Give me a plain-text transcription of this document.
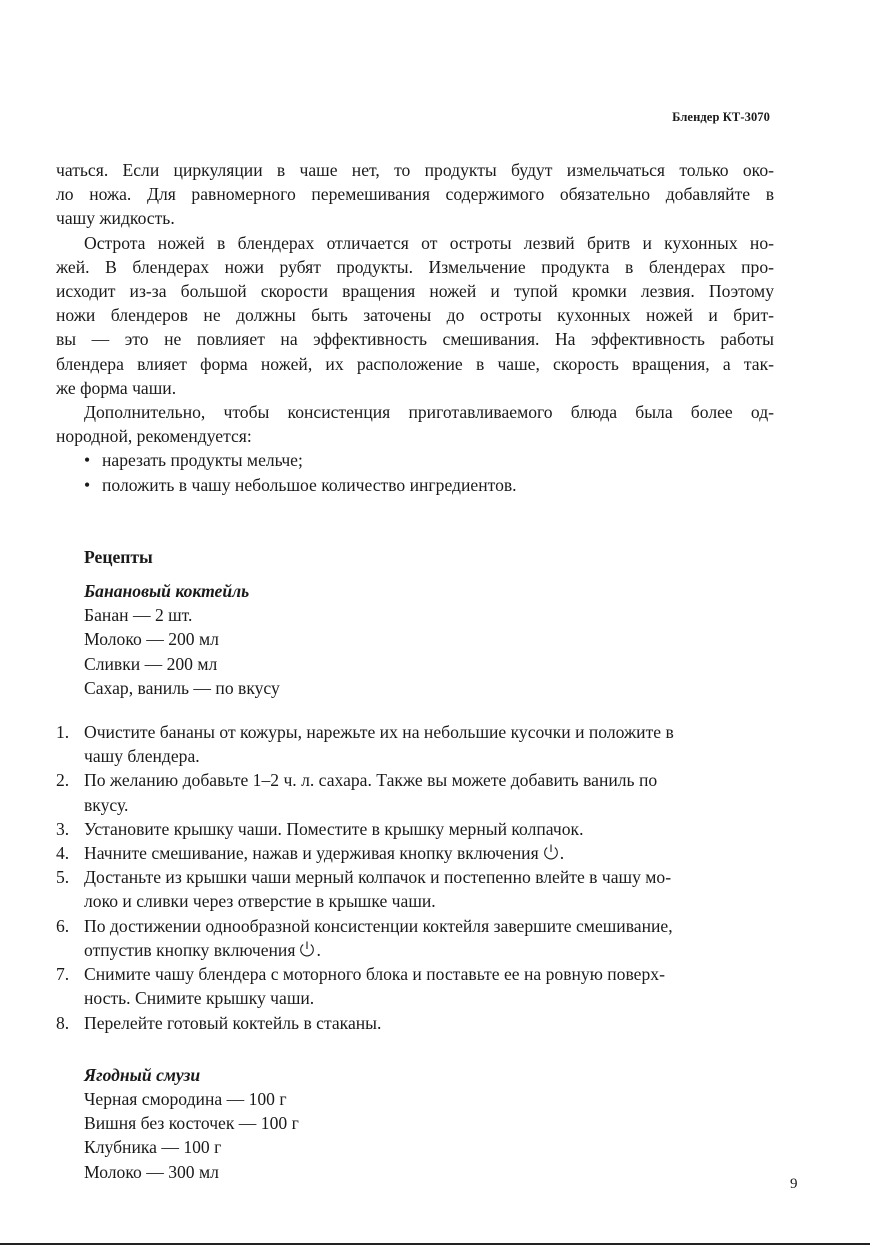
Блендер КТ-3070
чаться. Если циркуляции в чаше нет, то продукты будут измельчаться только око-
ло ножа. Для равномерного перемешивания содержимого обязательно добавляйте в
чашу жидкость.
Острота ножей в блендерах отличается от остроты лезвий бритв и кухонных но-
жей. В блендерах ножи рубят продукты. Измельчение продукта в блендерах про-
исходит из-за большой скорости вращения ножей и тупой кромки лезвия. Поэтому
ножи блендеров не должны быть заточены до остроты кухонных ножей и брит-
вы — это не повлияет на эффективность смешивания. На эффективность работы
блендера влияет форма ножей, их расположение в чаше, скорость вращения, а так-
же форма чаши.
Дополнительно, чтобы консистенция приготавливаемого блюда была более од-
нородной, рекомендуется:
• нарезать продукты мельче;
• положить в чашу небольшое количество ингредиентов.
Рецепты
Банановый коктейль
Банан — 2 шт.
Молоко — 200 мл
Сливки — 200 мл
Сахар, ваниль — по вкусу
1. Очистите бананы от кожуры, нарежьте их на небольшие кусочки и положите в
чашу блендера.
2. По желанию добавьте 1–2 ч. л. сахара. Также вы можете добавить ваниль по
вкусу.
3. Установите крышку чаши. Поместите в крышку мерный колпачок.
4. Начните смешивание, нажав и удерживая кнопку включения .
5. Достаньте из крышки чаши мерный колпачок и постепенно влейте в чашу мо-
локо и сливки через отверстие в крышке чаши.
6. По достижении однообразной консистенции коктейля завершите смешивание,
отпустив кнопку включения .
7. Снимите чашу блендера с моторного блока и поставьте ее на ровную поверх-
ность. Снимите крышку чаши.
8. Перелейте готовый коктейль в стаканы.
Ягодный смузи
Черная смородина — 100 г
Вишня без косточек — 100 г
Клубника — 100 г
Молоко — 300 мл
9
